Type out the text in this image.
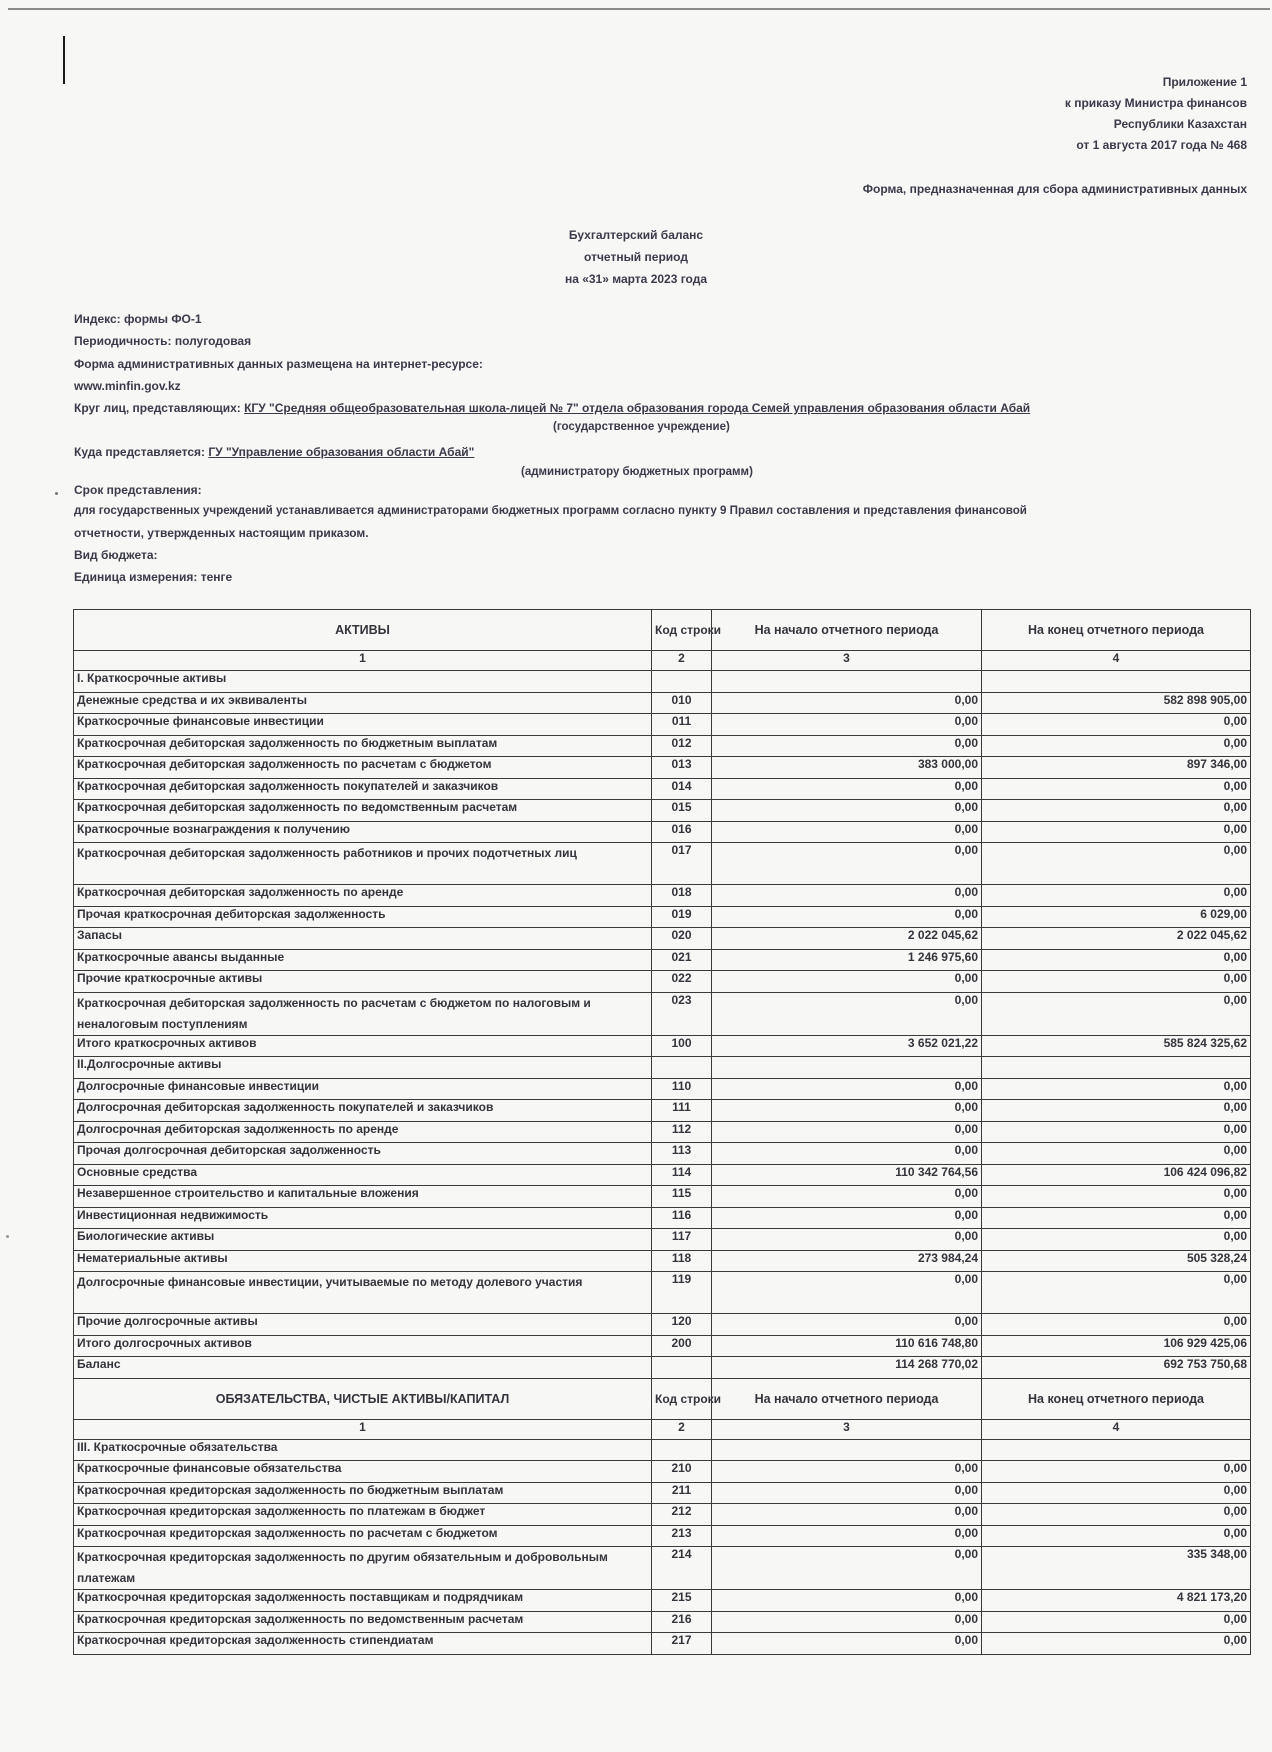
Приложение 1
к приказу Министра финансов
Республики Казахстан
от 1 августа 2017 года № 468
Форма, предназначенная для сбора административных данных
Бухгалтерский баланс
отчетный период
на «31» марта 2023 года
Индекс: формы ФО-1
Периодичность: полугодовая
Форма административных данных размещена на интернет-ресурсе:
www.minfin.gov.kz
Круг лиц, представляющих: КГУ "Средняя общеобразовательная школа-лицей № 7" отдела образования города Семей управления образования области Абай
(государственное учреждение)
Куда представляется: ГУ "Управление образования области Абай"
(администратору бюджетных программ)
Срок представления:
для государственных учреждений устанавливается администраторами бюджетных программ согласно пункту 9 Правил составления и представления финансовой
отчетности, утвержденных настоящим приказом.
Вид бюджета:
Единица измерения: тенге
АКТИВЫ	Код строки	На начало отчетного периода	На конец отчетного периода
1	2	3	4
I. Краткосрочные активы			
Денежные средства и их эквиваленты	010	0,00	582 898 905,00
Краткосрочные финансовые инвестиции	011	0,00	0,00
Краткосрочная дебиторская задолженность по бюджетным выплатам	012	0,00	0,00
Краткосрочная дебиторская задолженность по расчетам с бюджетом	013	383 000,00	897 346,00
Краткосрочная дебиторская задолженность покупателей и заказчиков	014	0,00	0,00
Краткосрочная дебиторская задолженность по ведомственным расчетам	015	0,00	0,00
Краткосрочные вознаграждения к получению	016	0,00	0,00
Краткосрочная дебиторская задолженность работников и прочих подотчетных лиц	017	0,00	0,00
Краткосрочная дебиторская задолженность по аренде	018	0,00	0,00
Прочая краткосрочная дебиторская задолженность	019	0,00	6 029,00
Запасы	020	2 022 045,62	2 022 045,62
Краткосрочные авансы выданные	021	1 246 975,60	0,00
Прочие краткосрочные активы	022	0,00	0,00
Краткосрочная дебиторская задолженность по расчетам с бюджетом по налоговым и неналоговым поступлениям	023	0,00	0,00
Итого краткосрочных активов	100	3 652 021,22	585 824 325,62
II.Долгосрочные активы			
Долгосрочные финансовые инвестиции	110	0,00	0,00
Долгосрочная дебиторская задолженность покупателей и заказчиков	111	0,00	0,00
Долгосрочная дебиторская задолженность по аренде	112	0,00	0,00
Прочая долгосрочная дебиторская задолженность	113	0,00	0,00
Основные средства	114	110 342 764,56	106 424 096,82
Незавершенное строительство и капитальные вложения	115	0,00	0,00
Инвестиционная недвижимость	116	0,00	0,00
Биологические активы	117	0,00	0,00
Нематериальные активы	118	273 984,24	505 328,24
Долгосрочные финансовые инвестиции, учитываемые по методу долевого участия	119	0,00	0,00
Прочие долгосрочные активы	120	0,00	0,00
Итого долгосрочных активов	200	110 616 748,80	106 929 425,06
Баланс		114 268 770,02	692 753 750,68
ОБЯЗАТЕЛЬСТВА, ЧИСТЫЕ АКТИВЫ/КАПИТАЛ	Код строки	На начало отчетного периода	На конец отчетного периода
1	2	3	4
III. Краткосрочные обязательства			
Краткосрочные финансовые обязательства	210	0,00	0,00
Краткосрочная кредиторская задолженность по бюджетным выплатам	211	0,00	0,00
Краткосрочная кредиторская задолженность по платежам в бюджет	212	0,00	0,00
Краткосрочная кредиторская задолженность по расчетам с бюджетом	213	0,00	0,00
Краткосрочная кредиторская задолженность по другим обязательным и добровольным платежам	214	0,00	335 348,00
Краткосрочная кредиторская задолженность поставщикам и подрядчикам	215	0,00	4 821 173,20
Краткосрочная кредиторская задолженность по ведомственным расчетам	216	0,00	0,00
Краткосрочная кредиторская задолженность стипендиатам	217	0,00	0,00
